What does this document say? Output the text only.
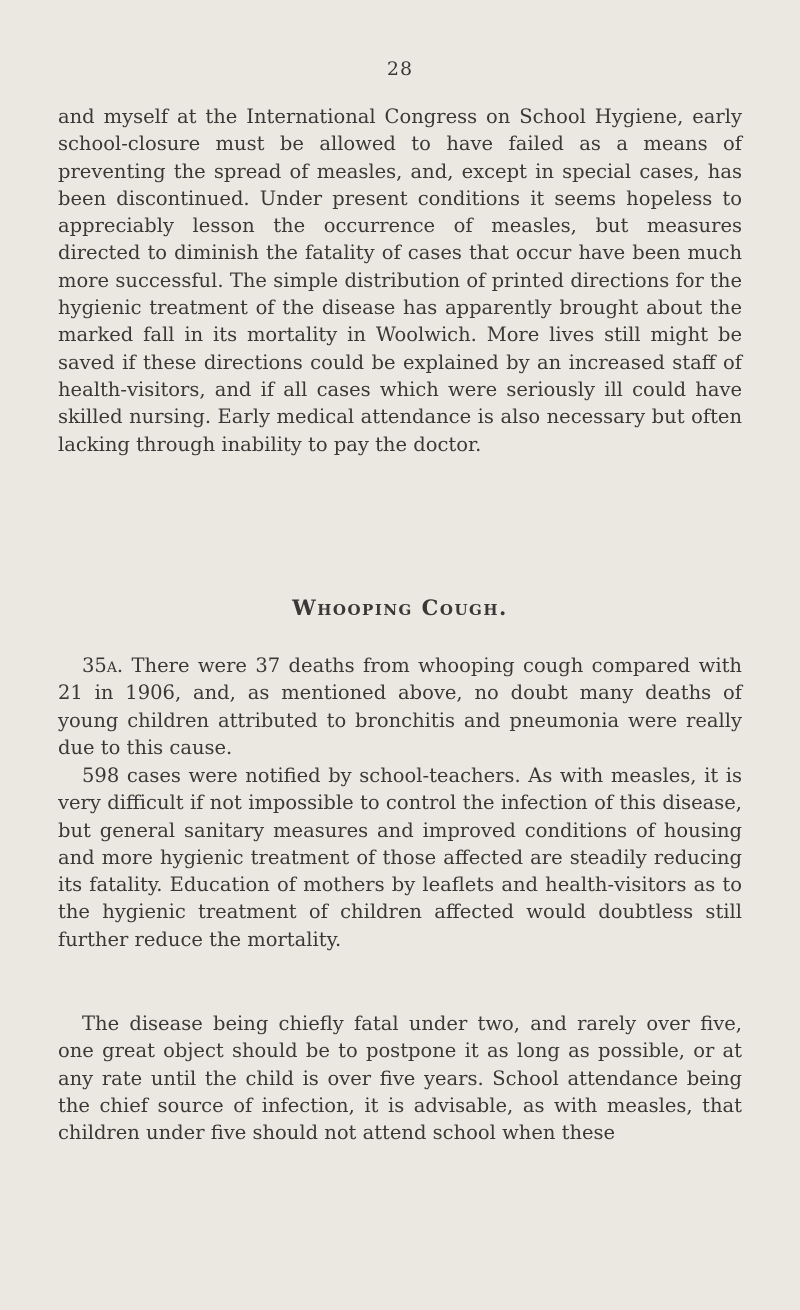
28

and myself at the International Congress on School Hygiene, early school-closure must be allowed to have failed as a means of preventing the spread of measles, and, except in special cases, has been discontinued. Under present conditions it seems hopeless to appreciably lesson the occurrence of measles, but measures directed to diminish the fatality of cases that occur have been much more successful. The simple distribution of printed directions for the hygienic treatment of the disease has apparently brought about the marked fall in its mortality in Woolwich. More lives still might be saved if these directions could be explained by an increased staff of health-visitors, and if all cases which were seriously ill could have skilled nursing. Early medical attendance is also necessary but often lacking through inability to pay the doctor.

Whooping Cough.

35a. There were 37 deaths from whooping cough compared with 21 in 1906, and, as mentioned above, no doubt many deaths of young children attributed to bronchitis and pneumonia were really due to this cause.

598 cases were notified by school-teachers. As with measles, it is very difficult if not impossible to control the infection of this disease, but general sanitary measures and improved conditions of housing and more hygienic treatment of those affected are steadily reducing its fatality. Education of mothers by leaflets and health-visitors as to the hygienic treatment of children affected would doubtless still further reduce the mortality.

The disease being chiefly fatal under two, and rarely over five, one great object should be to postpone it as long as possible, or at any rate until the child is over five years. School attendance being the chief source of infection, it is advisable, as with measles, that children under five should not attend school when these
